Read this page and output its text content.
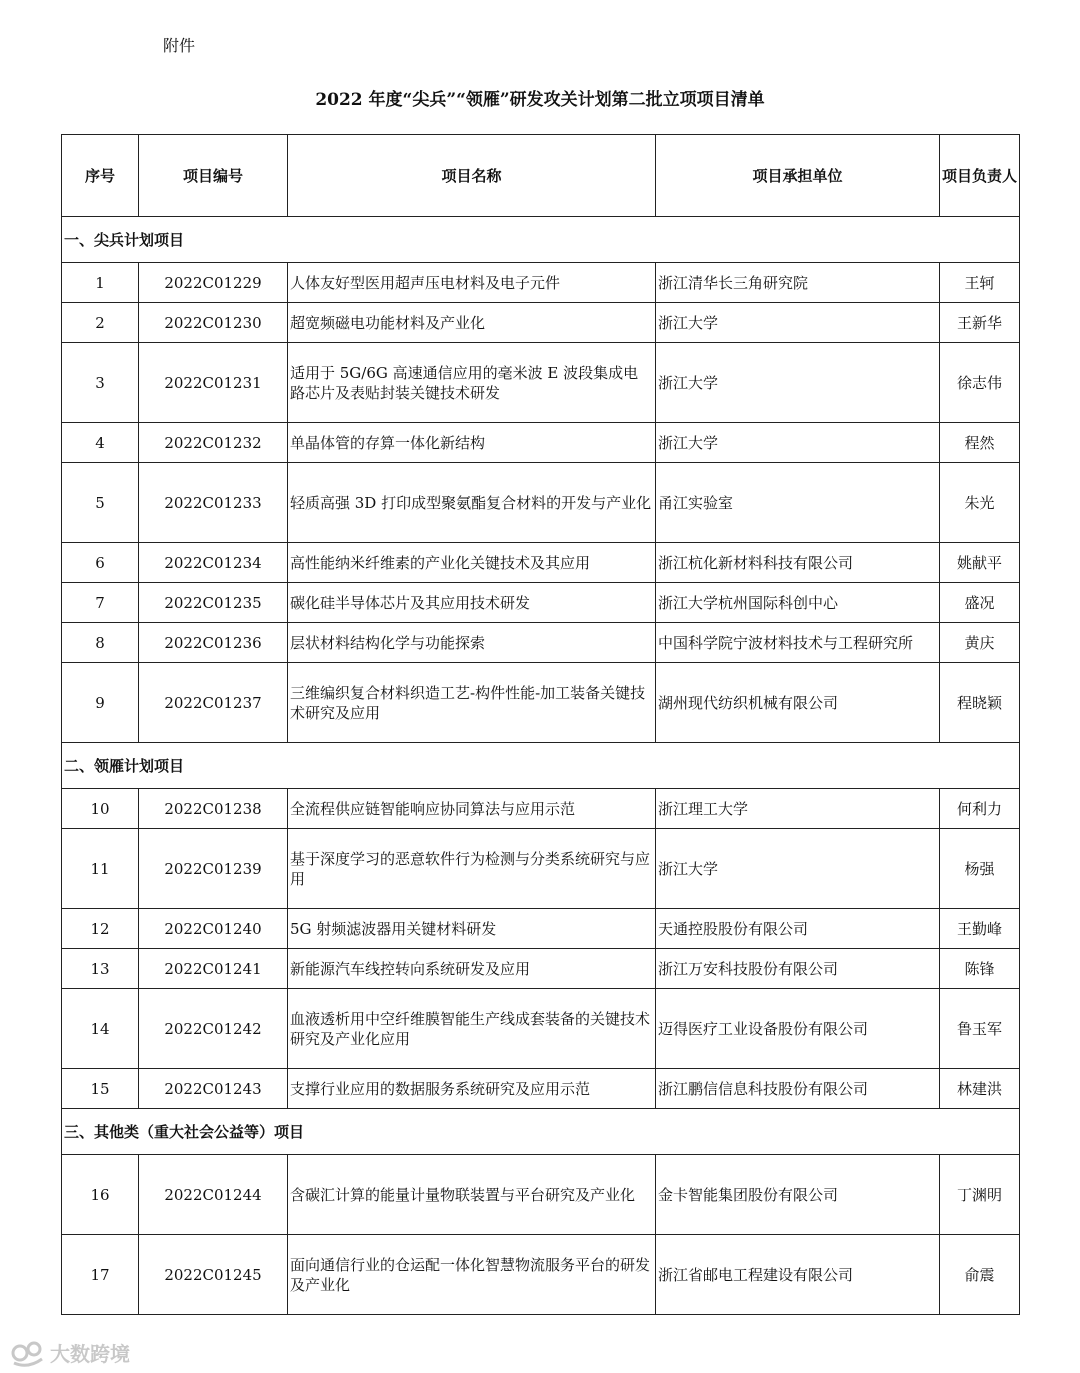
附件
2022 年度“尖兵”“领雁”研发攻关计划第二批立项项目清单
序号	项目编号	项目名称	项目承担单位	项目负责人
一、尖兵计划项目				
1	2022C01229	人体友好型医用超声压电材料及电子元件	浙江清华长三角研究院	王轲
2	2022C01230	超宽频磁电功能材料及产业化	浙江大学	王新华
3	2022C01231	适用于 5G/6G 高速通信应用的毫米波 E 波段集成电路芯片及表贴封装关键技术研发	浙江大学	徐志伟
4	2022C01232	单晶体管的存算一体化新结构	浙江大学	程然
5	2022C01233	轻质高强 3D 打印成型聚氨酯复合材料的开发与产业化	甬江实验室	朱光
6	2022C01234	高性能纳米纤维素的产业化关键技术及其应用	浙江杭化新材料科技有限公司	姚献平
7	2022C01235	碳化硅半导体芯片及其应用技术研发	浙江大学杭州国际科创中心	盛况
8	2022C01236	层状材料结构化学与功能探索	中国科学院宁波材料技术与工程研究所	黄庆
9	2022C01237	三维编织复合材料织造工艺-构件性能-加工装备关键技术研究及应用	湖州现代纺织机械有限公司	程晓颖
二、领雁计划项目				
10	2022C01238	全流程供应链智能响应协同算法与应用示范	浙江理工大学	何利力
11	2022C01239	基于深度学习的恶意软件行为检测与分类系统研究与应用	浙江大学	杨强
12	2022C01240	5G 射频滤波器用关键材料研发	天通控股股份有限公司	王勤峰
13	2022C01241	新能源汽车线控转向系统研发及应用	浙江万安科技股份有限公司	陈锋
14	2022C01242	血液透析用中空纤维膜智能生产线成套装备的关键技术研究及产业化应用	迈得医疗工业设备股份有限公司	鲁玉军
15	2022C01243	支撑行业应用的数据服务系统研究及应用示范	浙江鹏信信息科技股份有限公司	林建洪
三、其他类（重大社会公益等）项目				
16	2022C01244	含碳汇计算的能量计量物联装置与平台研究及产业化	金卡智能集团股份有限公司	丁渊明
17	2022C01245	面向通信行业的仓运配一体化智慧物流服务平台的研发及产业化	浙江省邮电工程建设有限公司	俞震
大数跨境
